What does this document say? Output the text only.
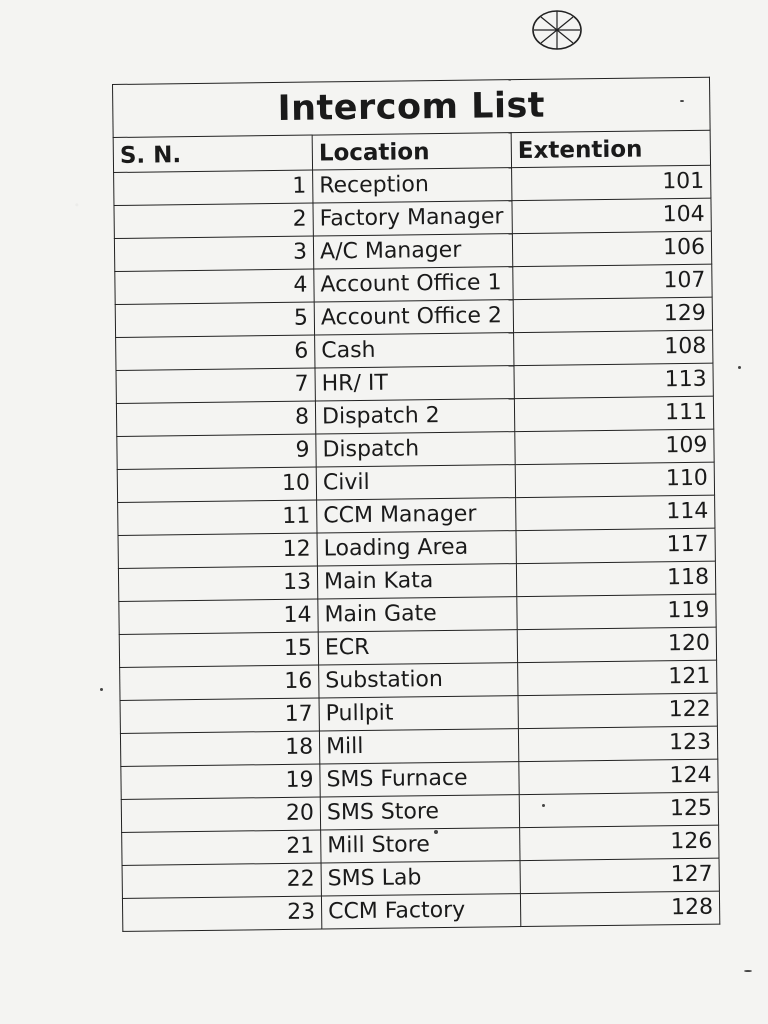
Intercom List		
S. N.	Location	Extention
1	Reception	101
2	Factory Manager	104
3	A/C Manager	106
4	Account Office 1	107
5	Account Office 2	129
6	Cash	108
7	HR/ IT	113
8	Dispatch 2	111
9	Dispatch	109
10	Civil	110
11	CCM Manager	114
12	Loading Area	117
13	Main Kata	118
14	Main Gate	119
15	ECR	120
16	Substation	121
17	Pullpit	122
18	Mill	123
19	SMS Furnace	124
20	SMS Store	125
21	Mill Store	126
22	SMS Lab	127
23	CCM Factory	128
